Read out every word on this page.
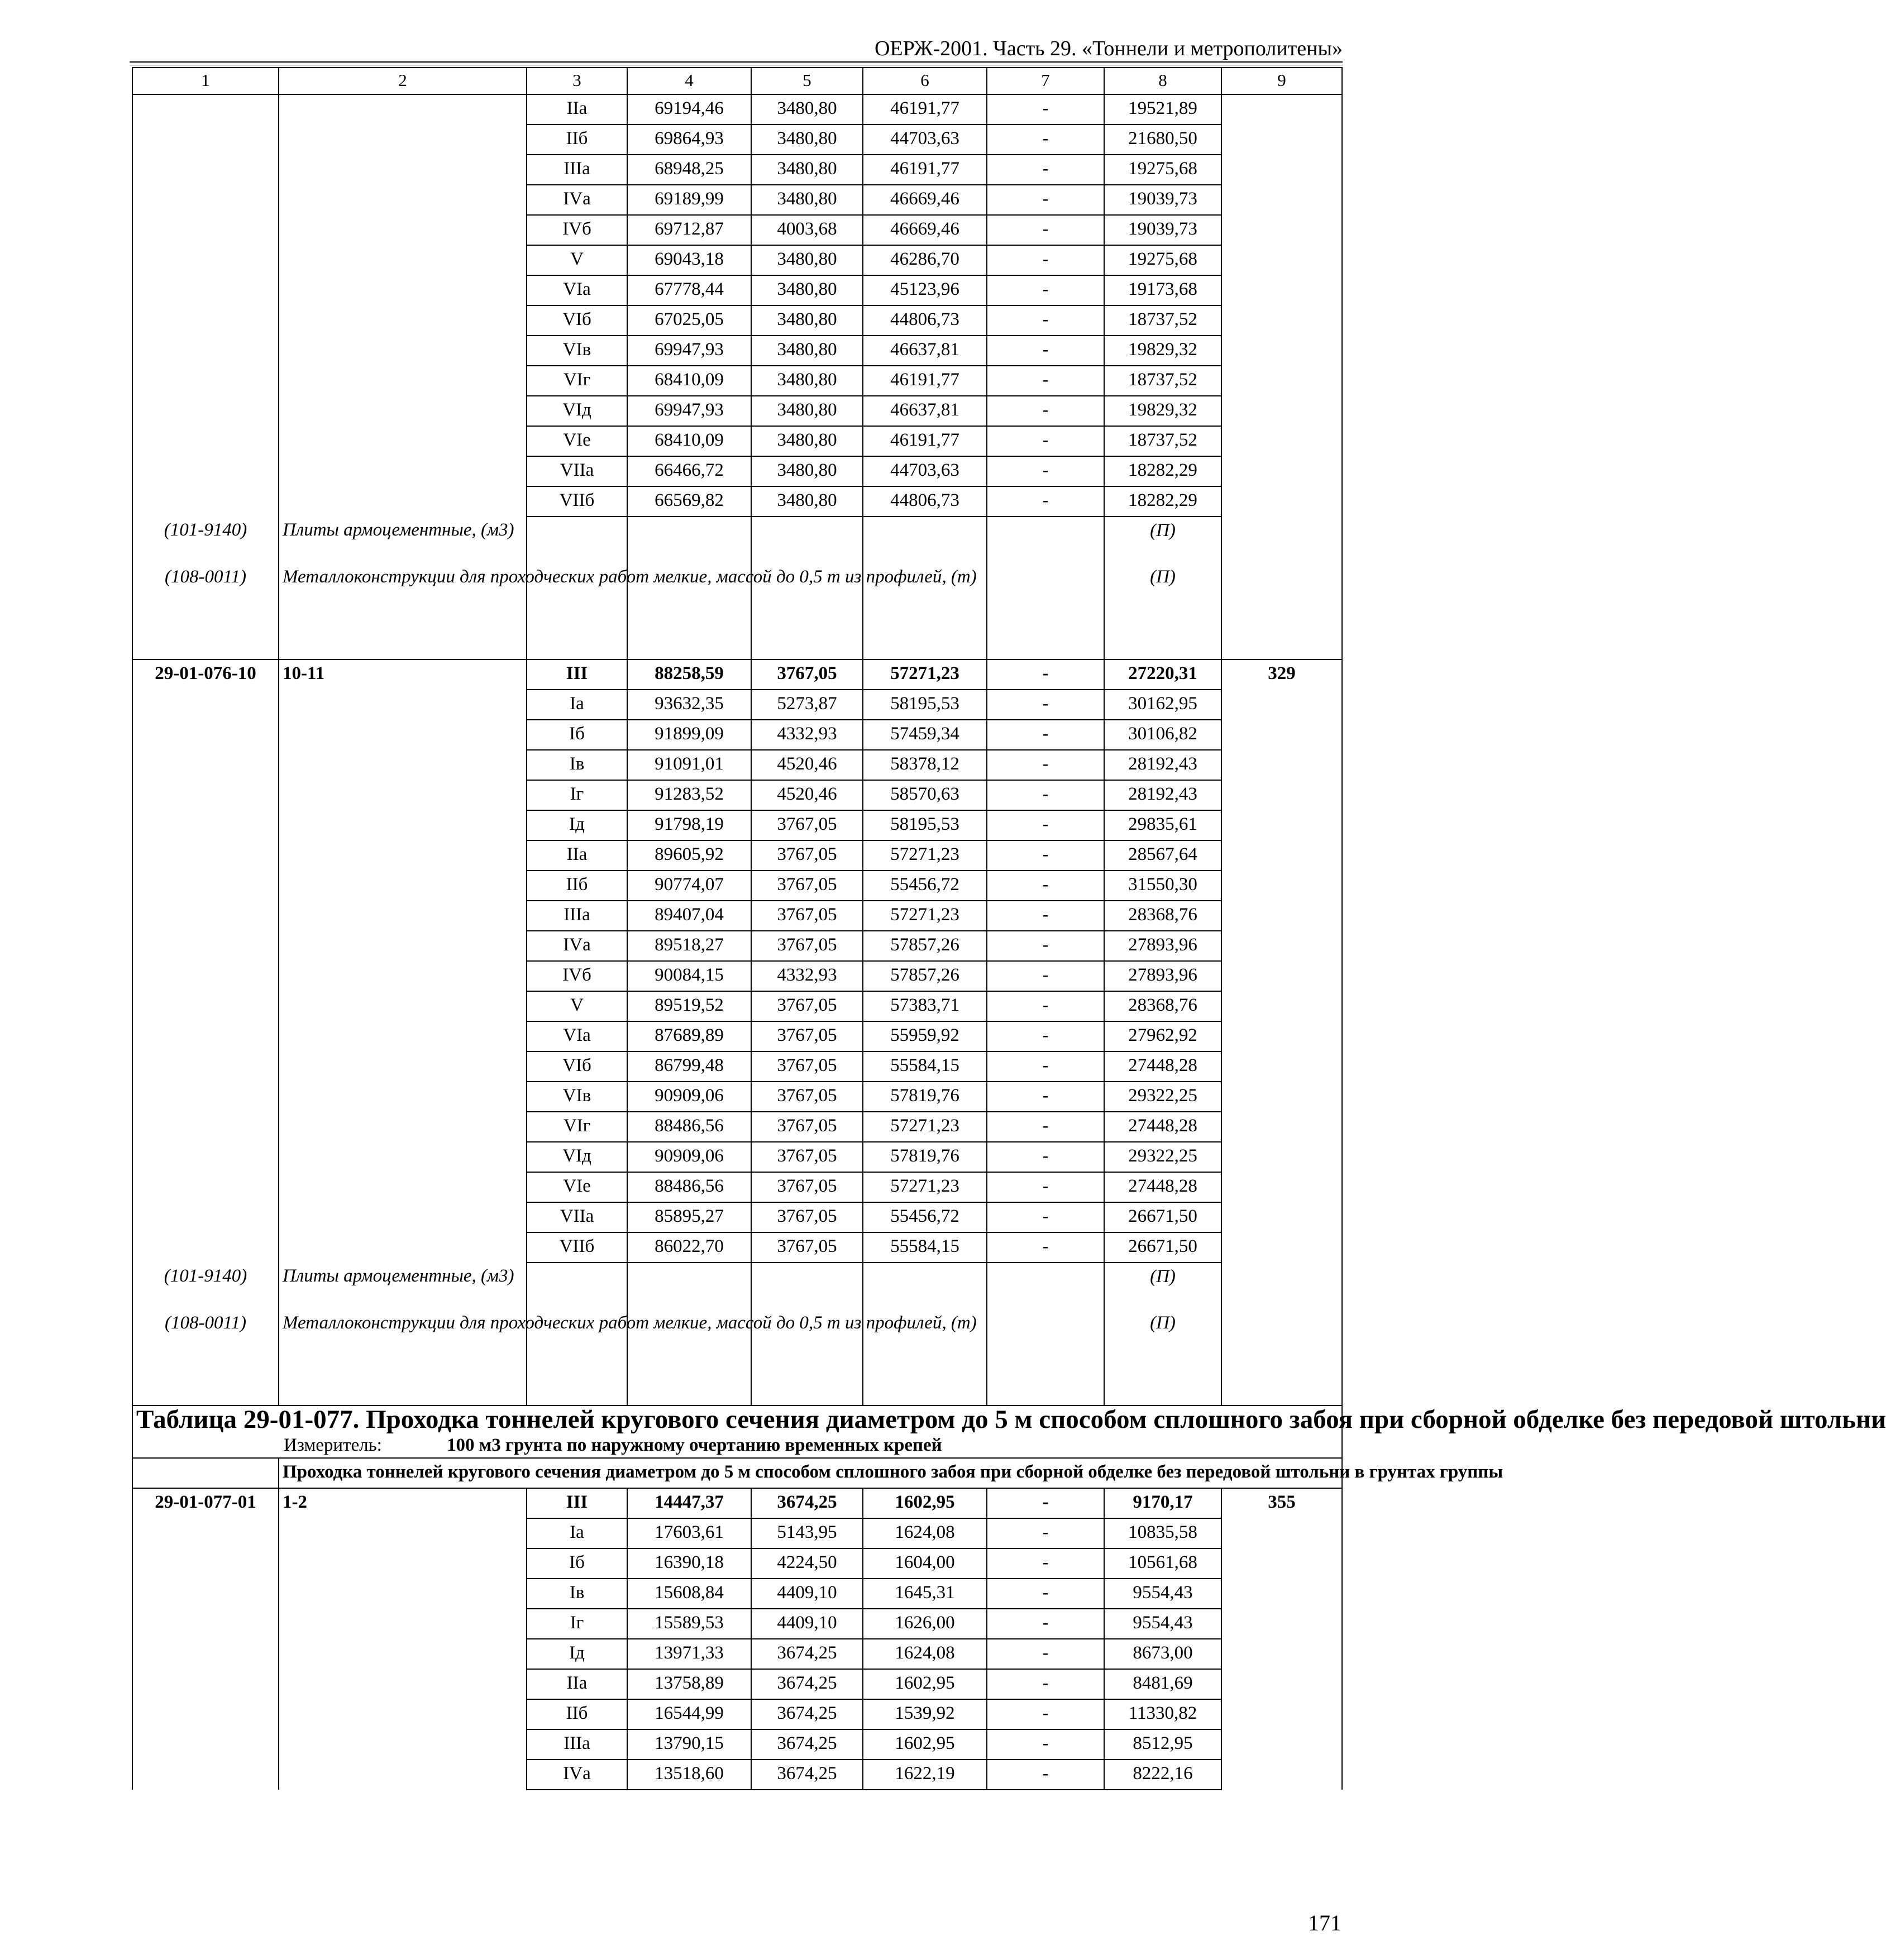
ОЕРЖ-2001. Часть 29. «Тоннели и метрополитены»
1	2	3	4	5	6	7	8	9
		IIа	69194,46	3480,80	46191,77	-	19521,89	
		IIб	69864,93	3480,80	44703,63	-	21680,50	
		IIIа	68948,25	3480,80	46191,77	-	19275,68	
		IVа	69189,99	3480,80	46669,46	-	19039,73	
		IVб	69712,87	4003,68	46669,46	-	19039,73	
		V	69043,18	3480,80	46286,70	-	19275,68	
		VIа	67778,44	3480,80	45123,96	-	19173,68	
		VIб	67025,05	3480,80	44806,73	-	18737,52	
		VIв	69947,93	3480,80	46637,81	-	19829,32	
		VIг	68410,09	3480,80	46191,77	-	18737,52	
		VIд	69947,93	3480,80	46637,81	-	19829,32	
		VIе	68410,09	3480,80	46191,77	-	18737,52	
		VIIа	66466,72	3480,80	44703,63	-	18282,29	
		VIIб	66569,82	3480,80	44806,73	-	18282,29	
(101-9140)	Плиты армоцементные, (м3)						(П)	
(108-0011)	Металлоконструкции для проходческих работ мелкие, массой до 0,5 т из профилей, (т)						(П)	
29-01-076-10	10-11	III	88258,59	3767,05	57271,23	-	27220,31	329
		Iа	93632,35	5273,87	58195,53	-	30162,95	
		Iб	91899,09	4332,93	57459,34	-	30106,82	
		Iв	91091,01	4520,46	58378,12	-	28192,43	
		Iг	91283,52	4520,46	58570,63	-	28192,43	
		Iд	91798,19	3767,05	58195,53	-	29835,61	
		IIа	89605,92	3767,05	57271,23	-	28567,64	
		IIб	90774,07	3767,05	55456,72	-	31550,30	
		IIIа	89407,04	3767,05	57271,23	-	28368,76	
		IVа	89518,27	3767,05	57857,26	-	27893,96	
		IVб	90084,15	4332,93	57857,26	-	27893,96	
		V	89519,52	3767,05	57383,71	-	28368,76	
		VIа	87689,89	3767,05	55959,92	-	27962,92	
		VIб	86799,48	3767,05	55584,15	-	27448,28	
		VIв	90909,06	3767,05	57819,76	-	29322,25	
		VIг	88486,56	3767,05	57271,23	-	27448,28	
		VIд	90909,06	3767,05	57819,76	-	29322,25	
		VIе	88486,56	3767,05	57271,23	-	27448,28	
		VIIа	85895,27	3767,05	55456,72	-	26671,50	
		VIIб	86022,70	3767,05	55584,15	-	26671,50	
(101-9140)	Плиты армоцементные, (м3)						(П)	
(108-0011)	Металлоконструкции для проходческих работ мелкие, массой до 0,5 т из профилей, (т)						(П)	

Таблица 29-01-077. Проходка тоннелей кругового сечения диаметром до 5 м способом сплошного забоя при сборной обделке без передовой штольни
Измеритель: 100 м3 грунта по наружному очертанию временных крепей								

	Проходка тоннелей кругового сечения диаметром до 5 м способом сплошного забоя при сборной обделке без передовой штольни в грунтах группы							
29-01-077-01	1-2	III	14447,37	3674,25	1602,95	-	9170,17	355
		Iа	17603,61	5143,95	1624,08	-	10835,58	
		Iб	16390,18	4224,50	1604,00	-	10561,68	
		Iв	15608,84	4409,10	1645,31	-	9554,43	
		Iг	15589,53	4409,10	1626,00	-	9554,43	
		Iд	13971,33	3674,25	1624,08	-	8673,00	
		IIа	13758,89	3674,25	1602,95	-	8481,69	
		IIб	16544,99	3674,25	1539,92	-	11330,82	
		IIIа	13790,15	3674,25	1602,95	-	8512,95	
		IVа	13518,60	3674,25	1622,19	-	8222,16	
171
